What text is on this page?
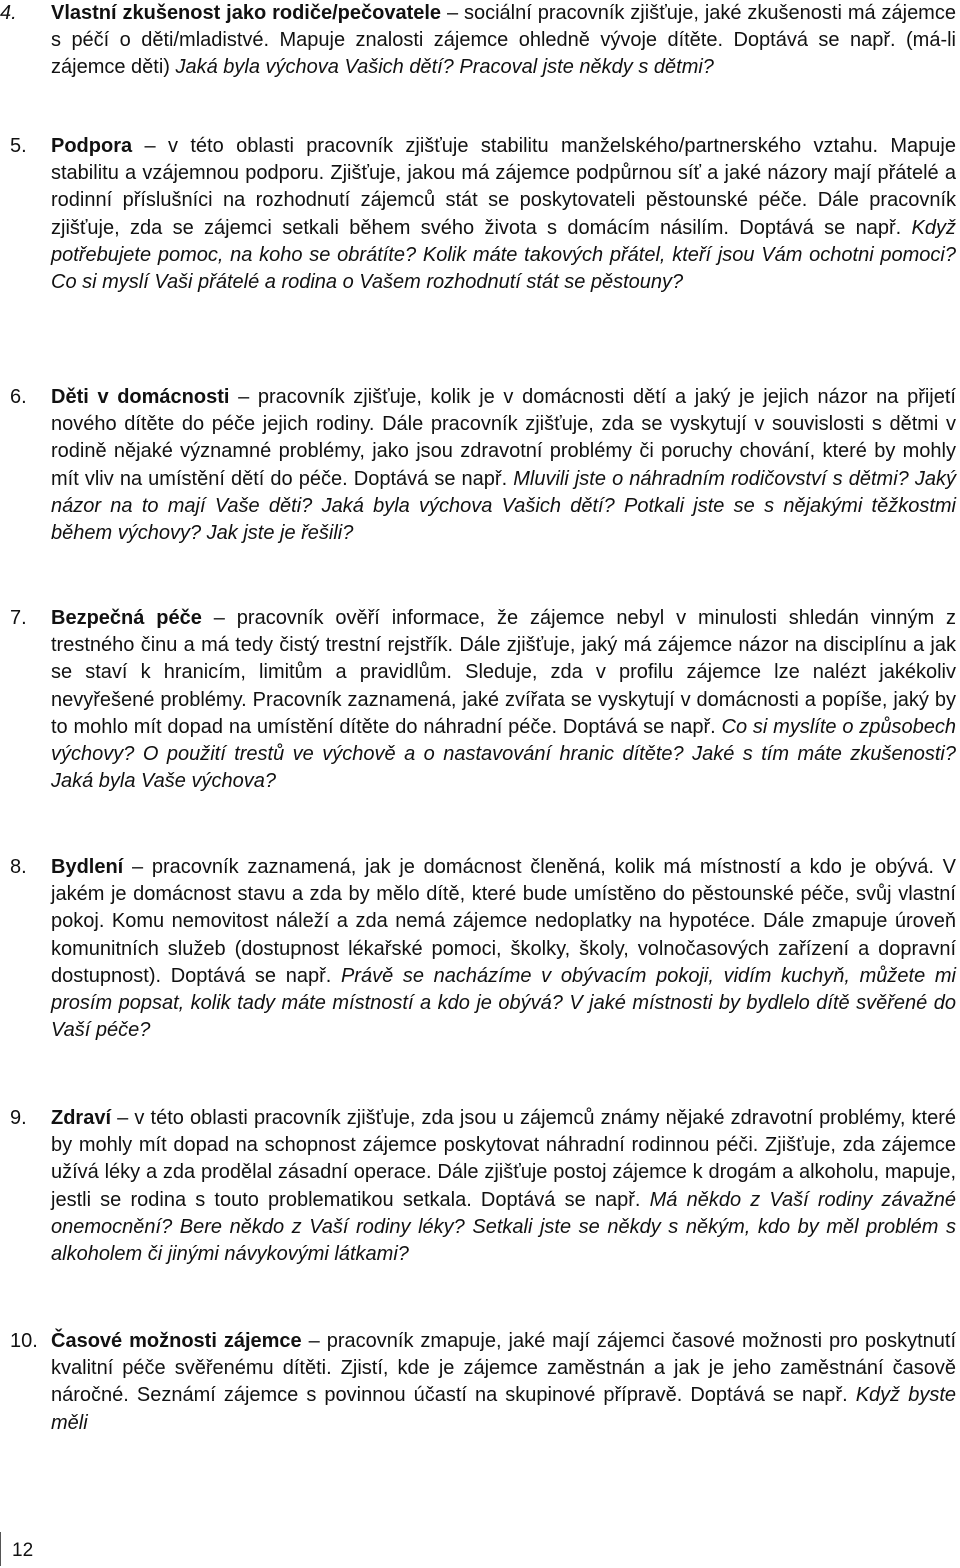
4.	Vlastní zkušenost jako rodiče/pečovatele – sociální pracovník zjišťuje, jaké zkušenosti má zájemce s péčí o děti/mladistvé. Mapuje znalosti zájemce ohledně vývoje dítěte. Doptává se např. (má-li zájemce děti) Jaká byla výchova Vašich dětí? Pracoval jste někdy s dětmi?
5.	Podpora – v této oblasti pracovník zjišťuje stabilitu manželského/partnerského vztahu. Mapuje stabilitu a vzájemnou podporu. Zjišťuje, jakou má zájemce podpůrnou síť a jaké názory mají přátelé a rodinní příslušníci na rozhodnutí zájemců stát se poskytovateli pěstounské péče. Dále pracovník zjišťuje, zda se zájemci setkali během svého života s domácím násilím. Doptává se např. Když potřebujete pomoc, na koho se obrátíte? Kolik máte takových přátel, kteří jsou Vám ochotni pomoci? Co si myslí Vaši přátelé a rodina o Vašem rozhodnutí stát se pěstouny?
6.	Děti v domácnosti – pracovník zjišťuje, kolik je v domácnosti dětí a jaký je jejich názor na přijetí nového dítěte do péče jejich rodiny. Dále pracovník zjišťuje, zda se vyskytují v souvislosti s dětmi v rodině nějaké významné problémy, jako jsou zdravotní problémy či poruchy chování, které by mohly mít vliv na umístění dětí do péče. Doptává se např. Mluvili jste o náhradním rodičovství s dětmi? Jaký názor na to mají Vaše děti? Jaká byla výchova Vašich dětí? Potkali jste se s nějakými těžkostmi během výchovy? Jak jste je řešili?
7.	Bezpečná péče – pracovník ověří informace, že zájemce nebyl v minulosti shledán vinným z trestného činu a má tedy čistý trestní rejstřík. Dále zjišťuje, jaký má zájemce názor na disciplínu a jak se staví k hranicím, limitům a pravidlům. Sleduje, zda v profilu zájemce lze nalézt jakékoliv nevyřešené problémy. Pracovník zaznamená, jaké zvířata se vyskytují v domácnosti a popíše, jaký by to mohlo mít dopad na umístění dítěte do náhradní péče. Doptává se např. Co si myslíte o způsobech výchovy? O použití trestů ve výchově a o nastavování hranic dítěte? Jaké s tím máte zkušenosti? Jaká byla Vaše výchova?
8.	Bydlení – pracovník zaznamená, jak je domácnost členěná, kolik má místností a kdo je obývá. V jakém je domácnost stavu a zda by mělo dítě, které bude umístěno do pěstounské péče, svůj vlastní pokoj. Komu nemovitost náleží a zda nemá zájemce nedoplatky na hypotéce. Dále zmapuje úroveň komunitních služeb (dostupnost lékařské pomoci, školky, školy, volnočasových zařízení a dopravní dostupnost). Doptává se např. Právě se nacházíme v obývacím pokoji, vidím kuchyň, můžete mi prosím popsat, kolik tady máte místností a kdo je obývá? V jaké místnosti by bydlelo dítě svěřené do Vaší péče?
9.	Zdraví – v této oblasti pracovník zjišťuje, zda jsou u zájemců známy nějaké zdravotní problémy, které by mohly mít dopad na schopnost zájemce poskytovat náhradní rodinnou péči. Zjišťuje, zda zájemce užívá léky a zda prodělal zásadní operace. Dále zjišťuje postoj zájemce k drogám a alkoholu, mapuje, jestli se rodina s touto problematikou setkala. Doptává se např. Má někdo z Vaší rodiny závažné onemocnění? Bere někdo z Vaší rodiny léky? Setkali jste se někdy s někým, kdo by měl problém s alkoholem či jinými návykovými látkami?
10. Časové možnosti zájemce – pracovník zmapuje, jaké mají zájemci časové možnosti pro poskytnutí kvalitní péče svěřenému dítěti. Zjistí, kde je zájemce zaměstnán a jak je jeho zaměstnání časově náročné. Seznámí zájemce s povinnou účastí na skupinové přípravě. Doptává se např. Když byste měli
12
